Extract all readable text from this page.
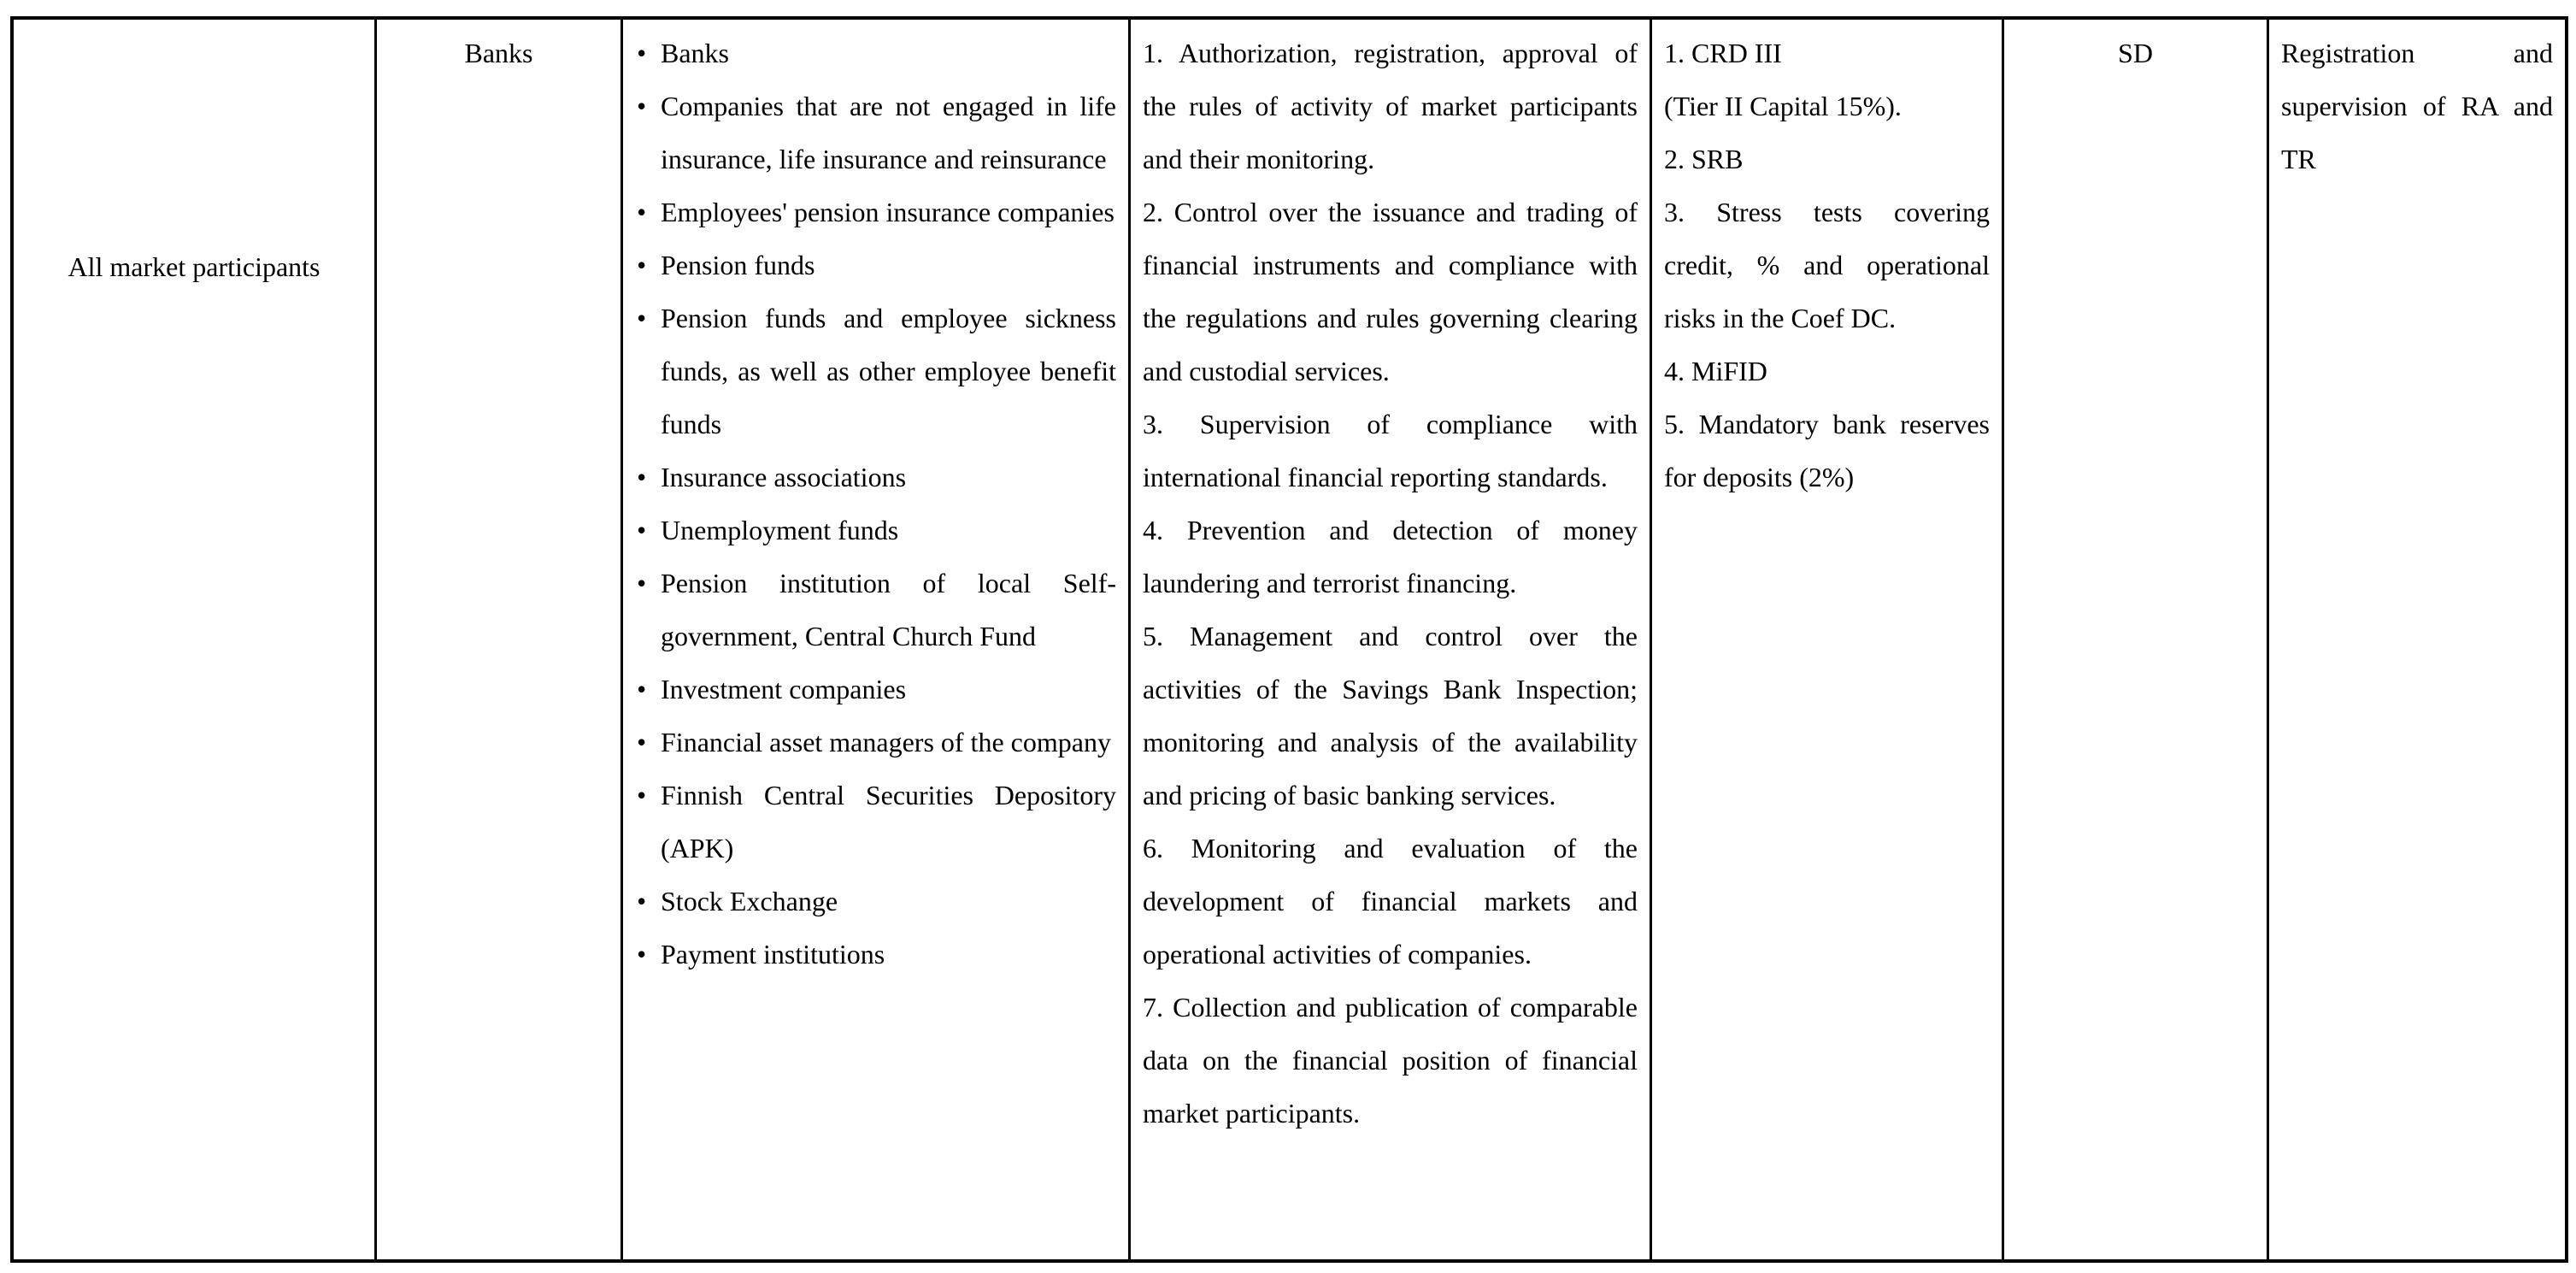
All market participants
Banks	• Banks
• Companies that are not engaged in life insurance, life insurance and reinsurance
• Employees' pension insurance companies
• Pension funds
• Pension funds and employee sickness funds, as well as other employee benefit funds
• Insurance associations
• Unemployment funds
• Pension institution of local Self-government, Central Church Fund
• Investment companies
• Financial asset managers of the company
• Finnish Central Securities Depository (APK)
• Stock Exchange
• Payment institutions

1. Authorization, registration, approval of the rules of activity of market participants and their monitoring.

2. Control over the issuance and trading of financial instruments and compliance with the regulations and rules governing clearing and custodial services.

3. Supervision of compliance with international financial reporting standards.

4. Prevention and detection of money laundering and terrorist financing.

5. Management and control over the activities of the Savings Bank Inspection; monitoring and analysis of the availability and pricing of basic banking services.

6. Monitoring and evaluation of the development of financial markets and operational activities of companies.

7. Collection and publication of comparable data on the financial position of financial market participants.

1. CRD III

(Tier II Capital 15%).

2. SRB

3. Stress tests covering credit, % and operational risks in the Coef DC.

4. MiFID

5. Mandatory bank reserves for deposits (2%)

SD	Registration and supervision of RA and TR
